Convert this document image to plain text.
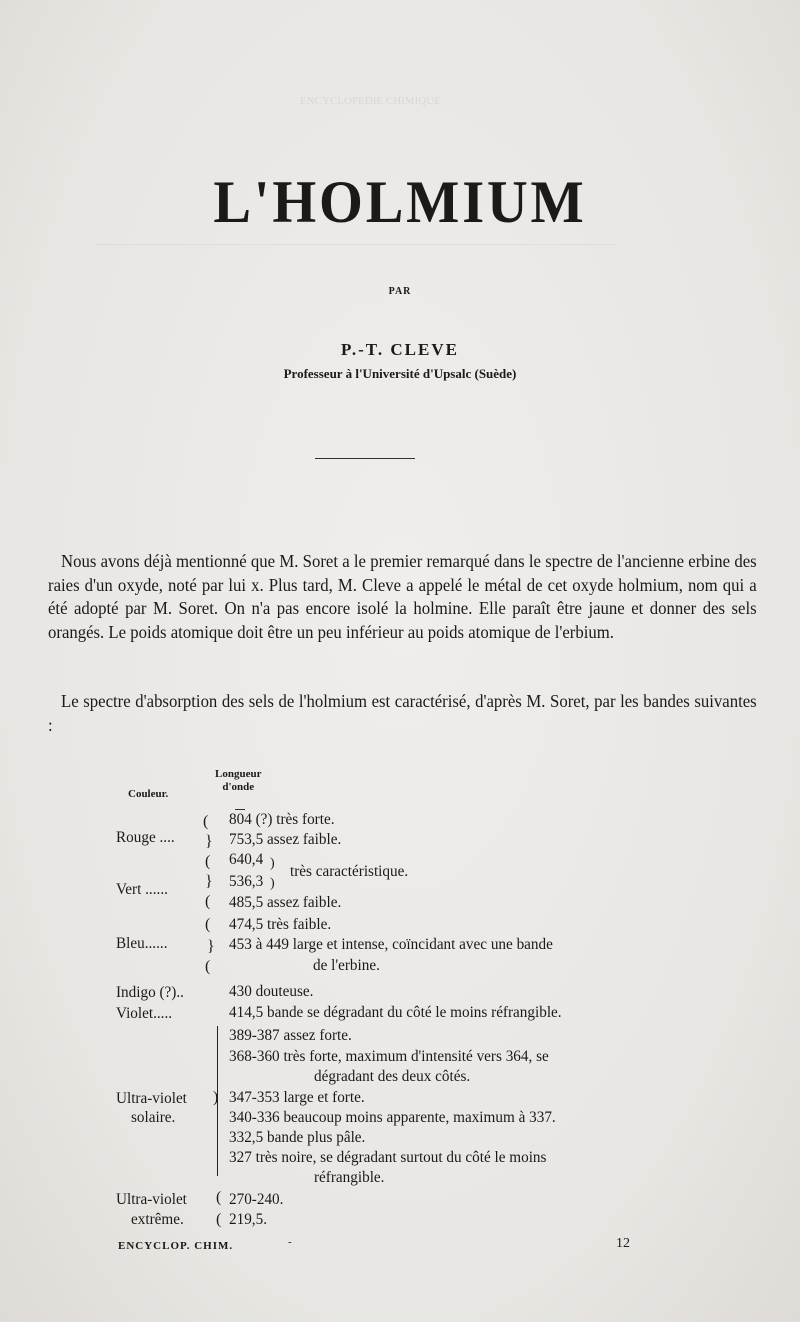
ENCYCLOPÉDIE CHIMIQUE
————————————————————————————————————————
L'HOLMIUM
PAR
P.-T. CLEVE
Professeur à l'Université d'Upsalc (Suède)
Nous avons déjà mentionné que M. Soret a le premier remarqué dans le spectre de l'ancienne erbine des raies d'un oxyde, noté par lui x. Plus tard, M. Cleve a appelé le métal de cet oxyde holmium, nom qui a été adopté par M. Soret. On n'a pas encore isolé la holmine. Elle paraît être jaune et donner des sels orangés. Le poids atomique doit être un peu inférieur au poids atomique de l'erbium.
Le spectre d'absorption des sels de l'holmium est caractérisé, d'après M. Soret, par les bandes suivantes :
Couleur.
Longueur
d'onde
(
}
(
}
(
)
)
(
}
(
)
(
(
Rouge ....
Vert ......
Bleu......
Indigo (?)..
Violet.....
Ultra-violet
solaire.
Ultra-violet
extrême.
804 (?) très forte.
753,5 assez faible.
640,4
très caractéristique.
536,3
485,5 assez faible.
474,5 très faible.
453 à 449 large et intense, coïncidant avec une bande
de l'erbine.
430 douteuse.
414,5 bande se dégradant du côté le moins réfrangible.
389-387 assez forte.
368-360 très forte, maximum d'intensité vers 364, se
dégradant des deux côtés.
347-353 large et forte.
340-336 beaucoup moins apparente, maximum à 337.
332,5 bande plus pâle.
327 très noire, se dégradant surtout du côté le moins
réfrangible.
270-240.
219,5.
ENCYCLOP. CHIM.	-	12
